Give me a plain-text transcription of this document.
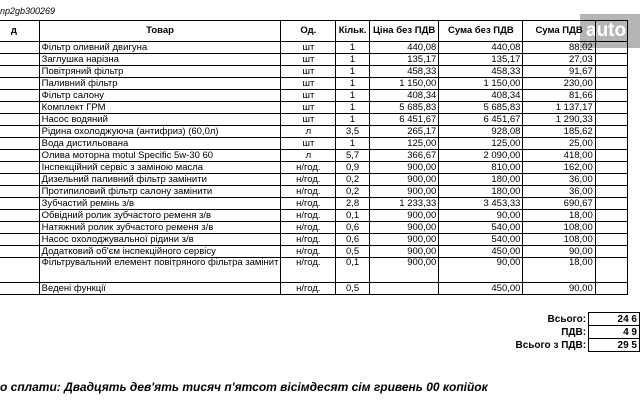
np2gb300269
auto
д	Товар	Од.	Кільк.	Ціна без ПДВ	Сума без ПДВ	Сума ПДВ	
	Фільтр оливний двигуна	шт	1	440,08	440,08	88,02	
	Заглушка нарізна	шт	1	135,17	135,17	27,03	
	Повітряний фільтр	шт	1	458,33	458,33	91,67	
	Паливний фільтр	шт	1	1 150,00	1 150,00	230,00	
	Фільтр салону	шт	1	408,34	408,34	81,66	
	Комплект ГРМ	шт	1	5 685,83	5 685,83	1 137,17	
	Насос водяний	шт	1	6 451,67	6 451,67	1 290,33	
	Рідина охолоджуюча (антифриз) (60,0л)	л	3,5	265,17	928,08	185,62	
	Вода дистильована	шт	1	125,00	125,00	25,00	
	Олива моторна motul Specific 5w-30 60	л	5,7	366,67	2 090,00	418,00	
	Інспекційний сервіс з заміною масла	н/год.	0,9	900,00	810,00	162,00	
	Дизельний паливний фільтр замінити	н/год.	0,2	900,00	180,00	36,00	
	Протипиловий фільтр салону замінити	н/год.	0,2	900,00	180,00	36,00	
	Зубчастий ремінь з/в	н/год.	2,8	1 233,33	3 453,33	690,67	
	Обвідний ролик зубчастого ременя з/в	н/год.	0,1	900,00	90,00	18,00	
	Натяжний ролик зубчастого ременя з/в	н/год.	0,6	900,00	540,00	108,00	
	Насос охолоджувальної рідини з/в	н/год.	0,6	900,00	540,00	108,00	
	Додатковий об'єм інспекційного сервісу	н/год.	0,5	900,00	450,00	90,00	
	Фільтрувальний елемент повітряного фільтра замінит	н/год.	0,1	900,00	90,00	18,00	
	Ведені функції	н/год.	0,5		450,00	90,00	
Всього:	24 6
ПДВ:	4 9
Всього з ПДВ:	29 5
о сплати: Двадцять дев'ять тисяч п'ятсот вісімдесят сім гривень 00 копійок
